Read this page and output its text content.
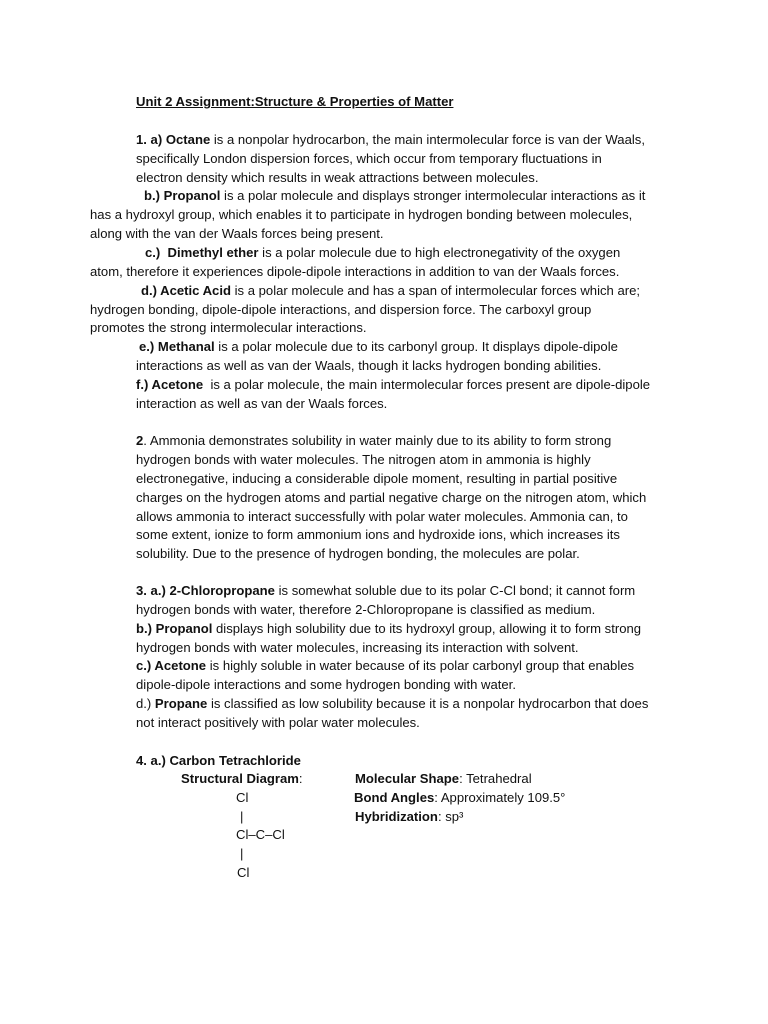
Unit 2 Assignment:Structure & Properties of Matter
1. a) Octane is a nonpolar hydrocarbon, the main intermolecular force is van der Waals,
specifically London dispersion forces, which occur from temporary fluctuations in
electron density which results in weak attractions between molecules.
b.) Propanol is a polar molecule and displays stronger intermolecular interactions as it
has a hydroxyl group, which enables it to participate in hydrogen bonding between molecules,
along with the van der Waals forces being present.
c.)  Dimethyl ether is a polar molecule due to high electronegativity of the oxygen
atom, therefore it experiences dipole-dipole interactions in addition to van der Waals forces.
d.) Acetic Acid is a polar molecule and has a span of intermolecular forces which are;
hydrogen bonding, dipole-dipole interactions, and dispersion force. The carboxyl group
promotes the strong intermolecular interactions.
e.) Methanal is a polar molecule due to its carbonyl group. It displays dipole-dipole
interactions as well as van der Waals, though it lacks hydrogen bonding abilities.
f.) Acetone  is a polar molecule, the main intermolecular forces present are dipole-dipole
interaction as well as van der Waals forces.
2. Ammonia demonstrates solubility in water mainly due to its ability to form strong
hydrogen bonds with water molecules. The nitrogen atom in ammonia is highly
electronegative, inducing a considerable dipole moment, resulting in partial positive
charges on the hydrogen atoms and partial negative charge on the nitrogen atom, which
allows ammonia to interact successfully with polar water molecules. Ammonia can, to
some extent, ionize to form ammonium ions and hydroxide ions, which increases its
solubility. Due to the presence of hydrogen bonding, the molecules are polar.
3. a.) 2-Chloropropane is somewhat soluble due to its polar C-Cl bond; it cannot form
hydrogen bonds with water, therefore 2-Chloropropane is classified as medium.
b.) Propanol displays high solubility due to its hydroxyl group, allowing it to form strong
hydrogen bonds with water molecules, increasing its interaction with solvent.
c.) Acetone is highly soluble in water because of its polar carbonyl group that enables
dipole-dipole interactions and some hydrogen bonding with water.
d.) Propane is classified as low solubility because it is a nonpolar hydrocarbon that does
not interact positively with polar water molecules.
4. a.) Carbon Tetrachloride
Structural Diagram:	Molecular Shape: Tetrahedral
Bond Angles: Approximately 109.5°
Hybridization: sp³
Cl
|
Cl–C–Cl
|
Cl
